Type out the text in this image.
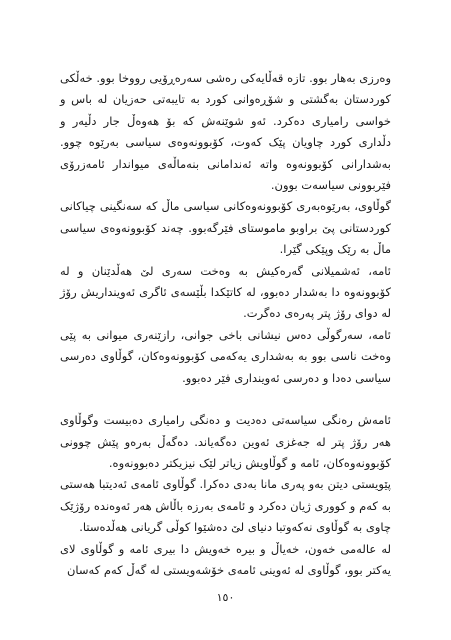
وەرزی بەهار بوو. تازە قەڵایەکی رەشی سەرەڕۆیی رووخا بوو. خەڵکی کوردستان بەگشتی و شۆڕەوانی کورد بە تایبەتی حەزیان لە باس و خواسی رامیاری دەکرد. ئەو شوێنەش کە بۆ هەوەڵ جار دڵیەر و دڵداری کورد چاویان پێک کەوت، کۆبوونەوەی سیاسی بەرێوە چوو. بەشدارانی کۆبوونەوە واتە ئەندامانی بنەماڵەی میواندار ئامەزرۆی فێربوونی سیاسەت بوون.

گوڵاوی، بەرێوەبەری کۆبوونەوەکانی سیاسی ماڵ کە سەنگینی چیاکانی کوردستانی پێ براوبو ماموستای فێرگەبوو. چەند کۆبوونەوەی سیاسی ماڵ بە رێک وپێکی گێرا.

ئامە، ئەشمیلانی گەرەکیش بە وەخت سەری لێ هەڵدێنان و لە کۆبوونەوە دا بەشدار دەبوو، لە کاتێکدا بڵێسەی ئاگری ئەوینداریش رۆژ لە دوای رۆژ پتر پەرەی دەگرت.

ئامە، سەرگوڵی دەس نیشانی باخی جوانی، رازێنەری میوانی بە پێی وەخت ناسی بوو بە بەشداری یەکەمی کۆبوونەوەکان، گوڵاوی دەرسی سیاسی دەدا و دەرسی ئەوینداری فێر دەبوو.

ئامەش رەنگی سیاسەتی دەدیت و دەنگی رامیاری دەبیست وگوڵاوی هەر رۆژ پتر لە جەغزی ئەوین دەگەیاند. دەگەڵ بەرەو پێش چوونی کۆبوونەوەکان، ئامە و گوڵاویش زیاتر لێک نیزیکتر دەبوونەوە.

پێویستی دیتن بەو پەری مانا بەدی دەکرا. گوڵاوی ئامەی ئەدیتبا هەستی بە کەم و کووری ژیان دەکرد و ئامەی بەرزە باڵاش هەر ئەوەندە رۆژێک چاوی بە گوڵاوی نەکەوتبا دنیای لێ دەشێوا کوڵی گریانی هەڵدەستا.

لە عالەمی خەون، خەیاڵ و بیرە خەویش دا بیری ئامە و گوڵاوی لای یەکتر بوو، گوڵاوی لە ئەوینی ئامەی خۆشەویستی لە گەڵ کەم کەسان

١٥٠
